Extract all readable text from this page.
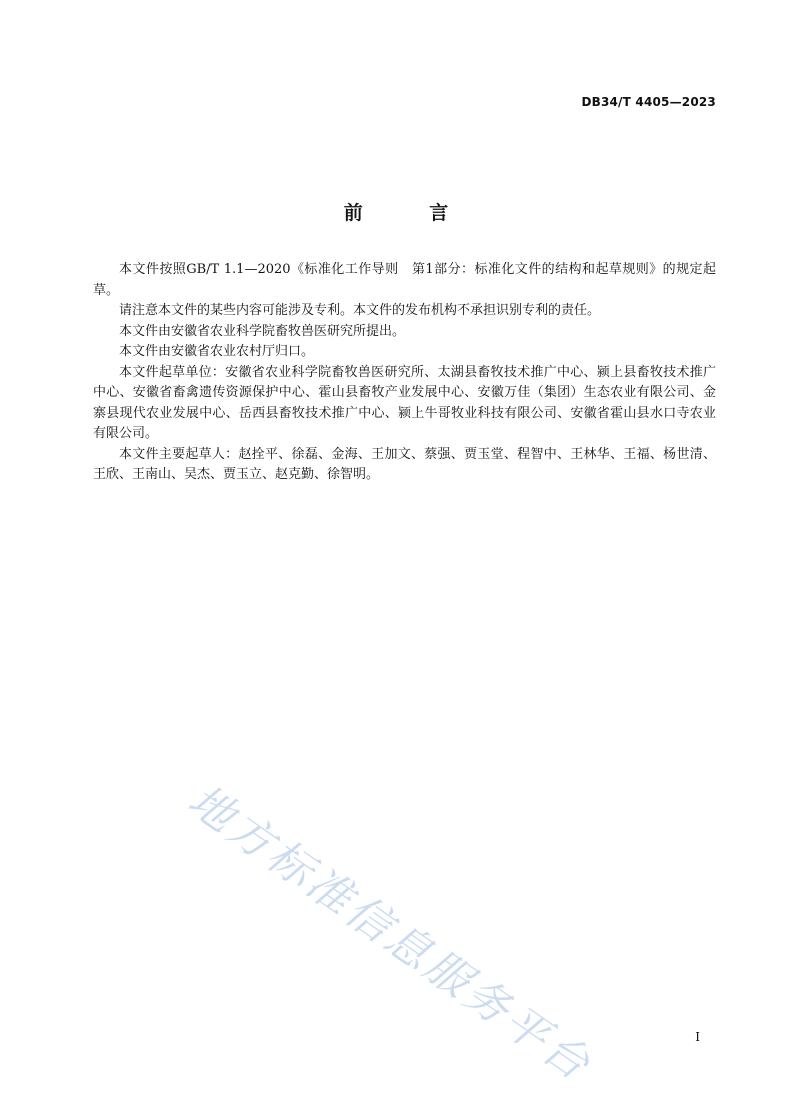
DB34/T 4405—2023
前 言

本文件按照GB/T 1.1—2020《标准化工作导则　第1部分：标准化文件的结构和起草规则》的规定起草。

请注意本文件的某些内容可能涉及专利。本文件的发布机构不承担识别专利的责任。

本文件由安徽省农业科学院畜牧兽医研究所提出。

本文件由安徽省农业农村厅归口。

本文件起草单位：安徽省农业科学院畜牧兽医研究所、太湖县畜牧技术推广中心、颍上县畜牧技术推广中心、安徽省畜禽遗传资源保护中心、霍山县畜牧产业发展中心、安徽万佳（集团）生态农业有限公司、金寨县现代农业发展中心、岳西县畜牧技术推广中心、颍上牛哥牧业科技有限公司、安徽省霍山县水口寺农业有限公司。

本文件主要起草人：赵拴平、徐磊、金海、王加文、蔡强、贾玉堂、程智中、王林华、王福、杨世清、王欣、王南山、吴杰、贾玉立、赵克勤、徐智明。

地方标准信息服务平台	I
